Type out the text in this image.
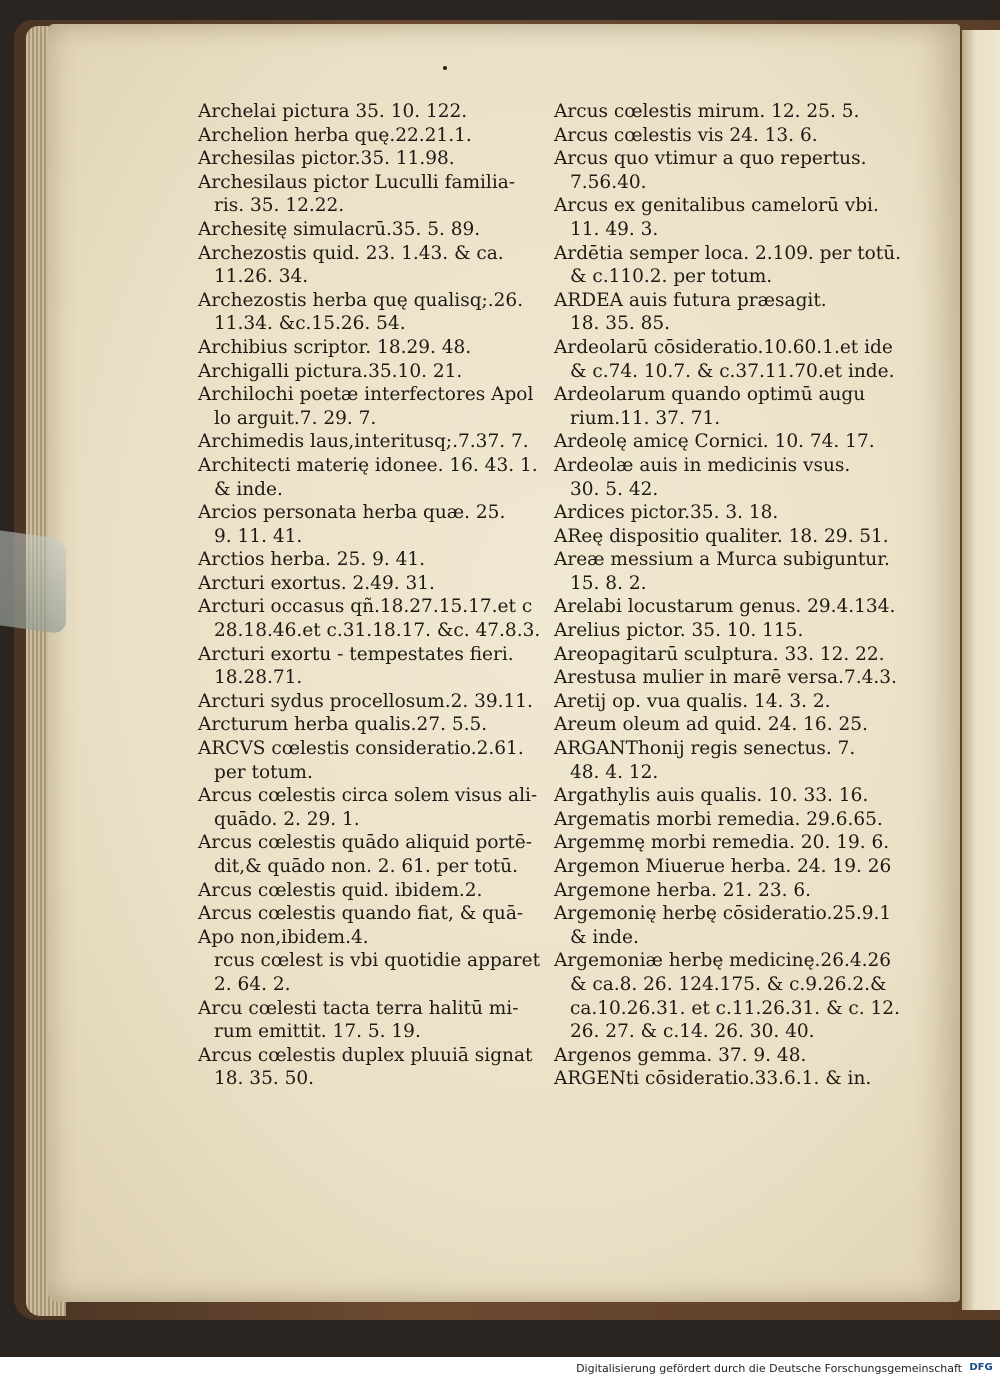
Archelai pictura 35. 10. 122.
Archelion herba quę.22.21.1.
Archesilas pictor.35. 11.98.
Archesilaus pictor Luculli familia-
ris. 35. 12.22.
Archesitę simulacrū.35. 5. 89.
Archezostis quid. 23. 1.43. & ca.
11.26. 34.
Archezostis herba quę qualisq;.26.
11.34. &c.15.26. 54.
Archibius scriptor. 18.29. 48.
Archigalli pictura.35.10. 21.
Archilochi poetæ interfectores Apol
lo arguit.7. 29. 7.
Archimedis laus,interitusq;.7.37. 7.
Architecti materię idonee. 16. 43. 1.
& inde.
Arcios personata herba quæ. 25.
9. 11. 41.
Arctios herba. 25. 9. 41.
Arcturi exortus. 2.49. 31.
Arcturi occasus qñ.18.27.15.17.et c
28.18.46.et c.31.18.17. &c. 47.8.3.
Arcturi exortu - tempestates fieri.
18.28.71.
Arcturi sydus procellosum.2. 39.11.
Arcturum herba qualis.27. 5.5.
ARCVS cœlestis consideratio.2.61.
per totum.
Arcus cœlestis circa solem visus ali-
quādo. 2. 29. 1.
Arcus cœlestis quādo aliquid portē-
dit,& quādo non. 2. 61. per totū.
Arcus cœlestis quid. ibidem.2.
Arcus cœlestis quando fiat, & quā-
Apo non,ibidem.4.
rcus cœlest is vbi quotidie apparet
2. 64. 2.
Arcu cœlesti tacta terra halitū mi-
rum emittit. 17. 5. 19.
Arcus cœlestis duplex pluuiā signat
18. 35. 50.
Arcus cœlestis mirum. 12. 25. 5.
Arcus cœlestis vis 24. 13. 6.
Arcus quo vtimur a quo repertus.
7.56.40.
Arcus ex genitalibus camelorū vbi.
11. 49. 3.
Ardētia semper loca. 2.109. per totū.
& c.110.2. per totum.
ARDEA auis futura præsagit.
18. 35. 85.
Ardeolarū cōsideratio.10.60.1.et ide
& c.74. 10.7. & c.37.11.70.et inde.
Ardeolarum quando optimū augu
rium.11. 37. 71.
Ardeolę amicę Cornici. 10. 74. 17.
Ardeolæ auis in medicinis vsus.
30. 5. 42.
Ardices pictor.35. 3. 18.
AReę dispositio qualiter. 18. 29. 51.
Areæ messium a Murca subiguntur.
15. 8. 2.
Arelabi locustarum genus. 29.4.134.
Arelius pictor. 35. 10. 115.
Areopagitarū sculptura. 33. 12. 22.
Arestusa mulier in marē versa.7.4.3.
Aretij op. vua qualis. 14. 3. 2.
Areum oleum ad quid. 24. 16. 25.
ARGANThonij regis senectus. 7.
48. 4. 12.
Argathylis auis qualis. 10. 33. 16.
Argematis morbi remedia. 29.6.65.
Argemmę morbi remedia. 20. 19. 6.
Argemon Miuerue herba. 24. 19. 26
Argemone herba. 21. 23. 6.
Argemonię herbę cōsideratio.25.9.1
& inde.
Argemoniæ herbę medicinę.26.4.26
& ca.8. 26. 124.175. & c.9.26.2.&
ca.10.26.31. et c.11.26.31. & c. 12.
26. 27. & c.14. 26. 30. 40.
Argenos gemma. 37. 9. 48.
ARGENti cōsideratio.33.6.1. & in.
Digitalisierung gefördert durch die Deutsche Forschungsgemeinschaft DFG
